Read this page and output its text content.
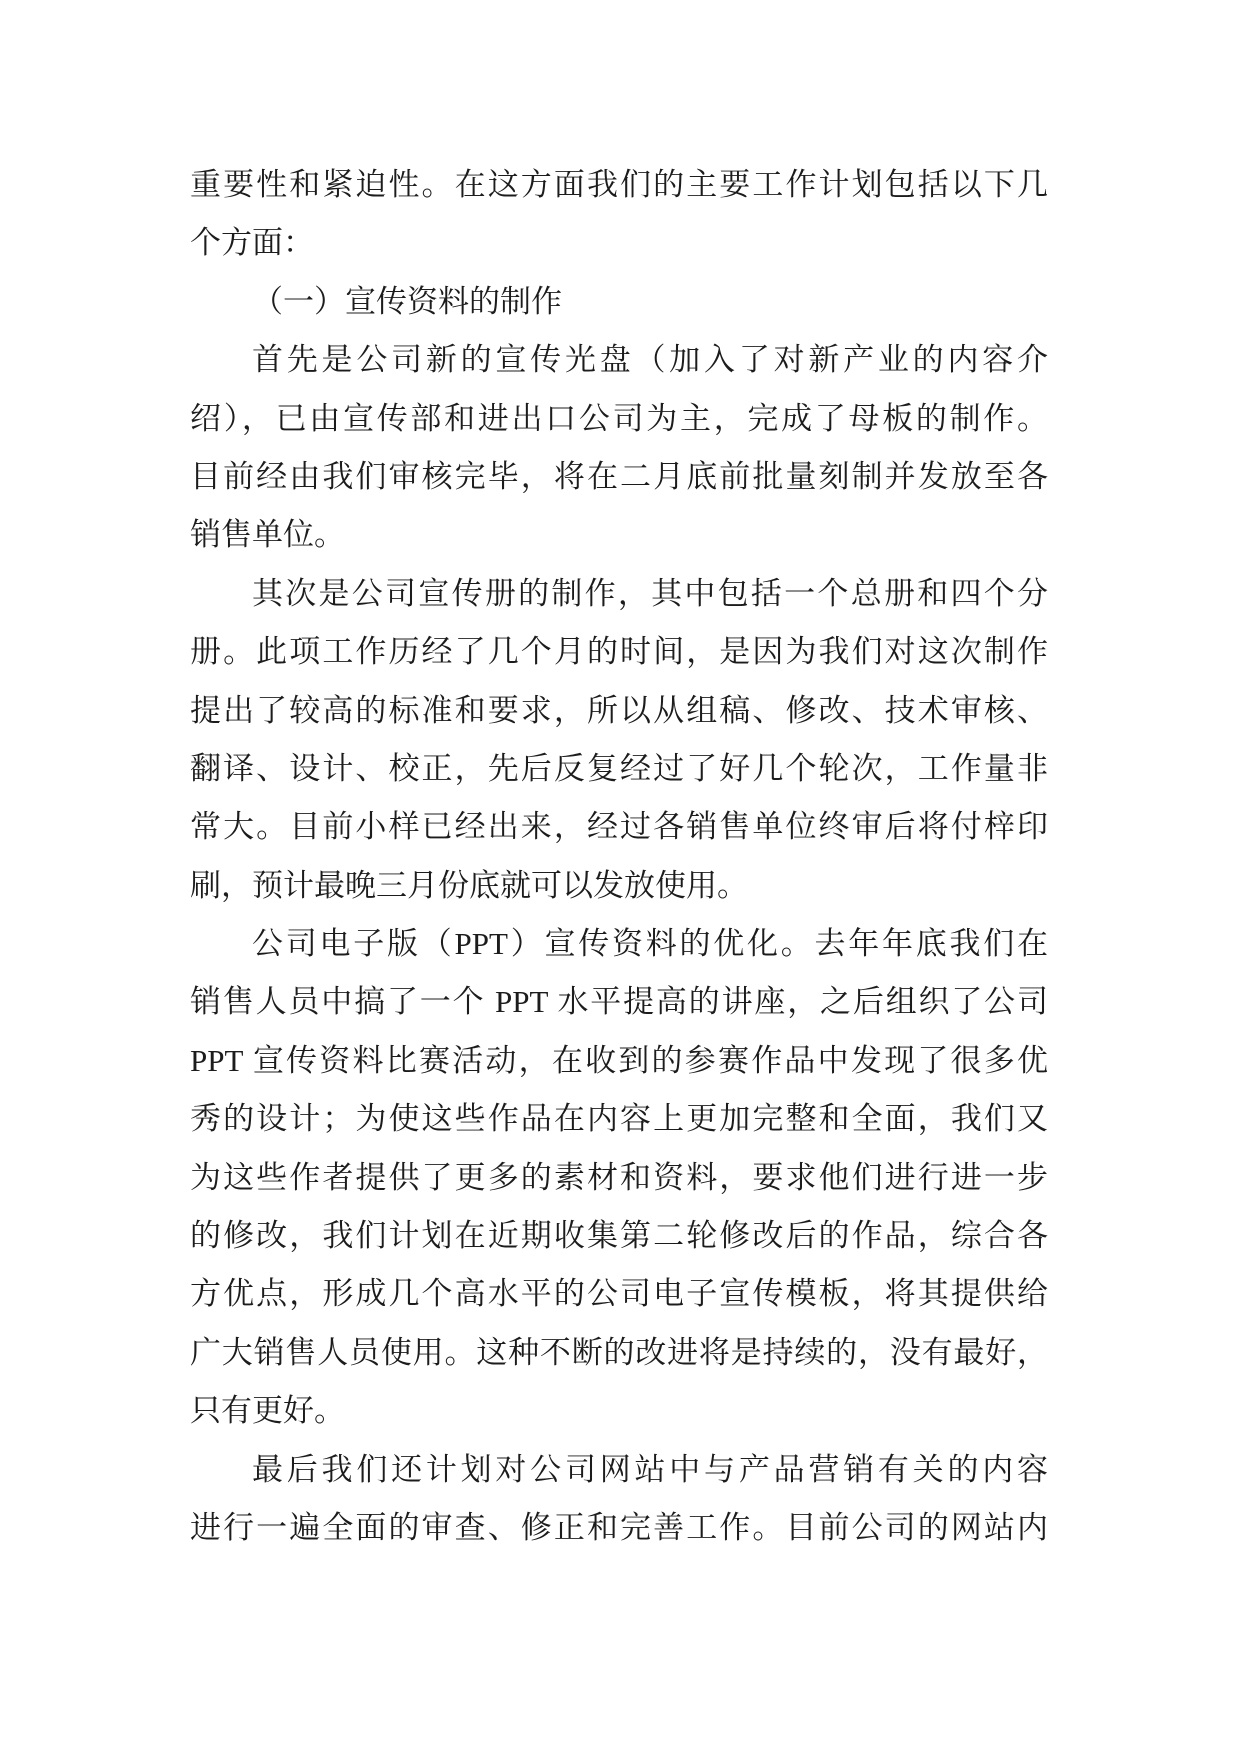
重要性和紧迫性。在这方面我们的主要工作计划包括以下几
个方面：
（一）宣传资料的制作
首先是公司新的宣传光盘（加入了对新产业的内容介
绍），已由宣传部和进出口公司为主，完成了母板的制作。
目前经由我们审核完毕，将在二月底前批量刻制并发放至各
销售单位。
其次是公司宣传册的制作，其中包括一个总册和四个分
册。此项工作历经了几个月的时间，是因为我们对这次制作
提出了较高的标准和要求，所以从组稿、修改、技术审核、
翻译、设计、校正，先后反复经过了好几个轮次，工作量非
常大。目前小样已经出来，经过各销售单位终审后将付梓印
刷，预计最晚三月份底就可以发放使用。
公司电子版（PPT）宣传资料的优化。去年年底我们在
销售人员中搞了一个 PPT 水平提高的讲座，之后组织了公司
PPT 宣传资料比赛活动，在收到的参赛作品中发现了很多优
秀的设计；为使这些作品在内容上更加完整和全面，我们又
为这些作者提供了更多的素材和资料，要求他们进行进一步
的修改，我们计划在近期收集第二轮修改后的作品，综合各
方优点，形成几个高水平的公司电子宣传模板，将其提供给
广大销售人员使用。这种不断的改进将是持续的，没有最好，
只有更好。
最后我们还计划对公司网站中与产品营销有关的内容
进行一遍全面的审查、修正和完善工作。目前公司的网站内
